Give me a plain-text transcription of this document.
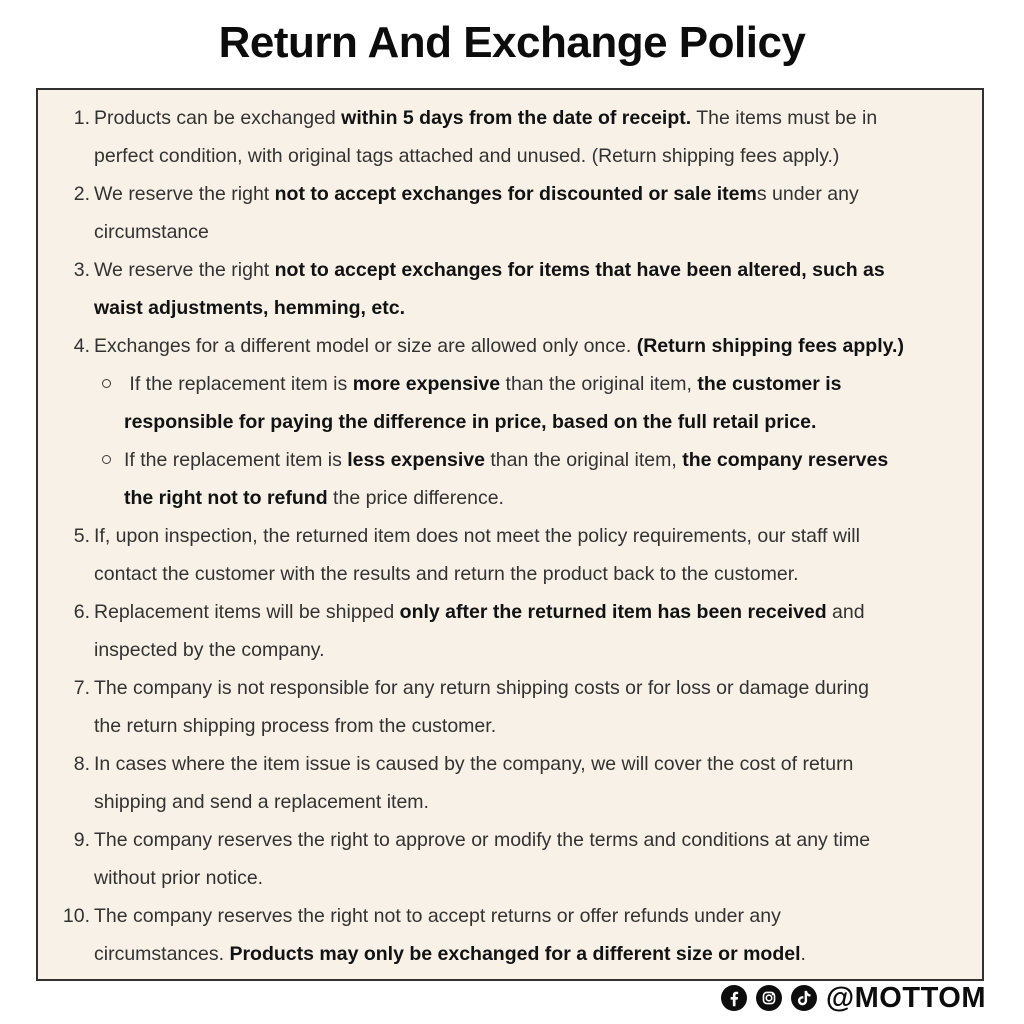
Return And Exchange Policy
1. Products can be exchanged within 5 days from the date of receipt. The items must be in
perfect condition, with original tags attached and unused. (Return shipping fees apply.)
2. We reserve the right not to accept exchanges for discounted or sale items under any
circumstance
3. We reserve the right not to accept exchanges for items that have been altered, such as
waist adjustments, hemming, etc.
4. Exchanges for a different model or size are allowed only once. (Return shipping fees apply.)
If the replacement item is more expensive than the original item, the customer is
responsible for paying the difference in price, based on the full retail price.
If the replacement item is less expensive than the original item, the company reserves
the right not to refund the price difference.
5. If, upon inspection, the returned item does not meet the policy requirements, our staff will
contact the customer with the results and return the product back to the customer.
6. Replacement items will be shipped only after the returned item has been received and
inspected by the company.
7. The company is not responsible for any return shipping costs or for loss or damage during
the return shipping process from the customer.
8. In cases where the item issue is caused by the company, we will cover the cost of return
shipping and send a replacement item.
9. The company reserves the right to approve or modify the terms and conditions at any time
without prior notice.
10. The company reserves the right not to accept returns or offer refunds under any
circumstances. Products may only be exchanged for a different size or model.
@MOTTOM
